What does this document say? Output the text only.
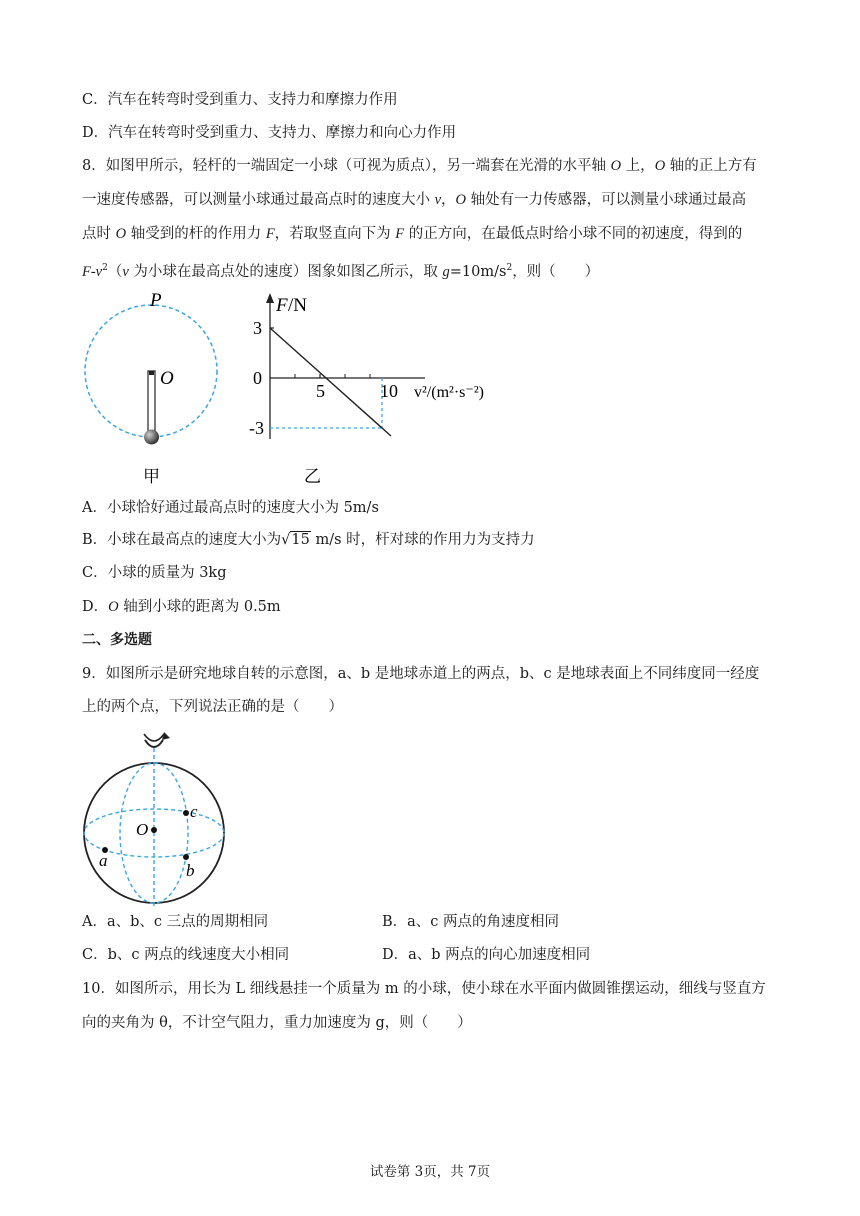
C．汽车在转弯时受到重力、支持力和摩擦力作用
D．汽车在转弯时受到重力、支持力、摩擦力和向心力作用
8．如图甲所示，轻杆的一端固定一小球（可视为质点），另一端套在光滑的水平轴 O 上，O 轴的正上方有
一速度传感器，可以测量小球通过最高点时的速度大小 v，O 轴处有一力传感器，可以测量小球通过最高
点时 O 轴受到的杆的作用力 F，若取竖直向下为 F 的正方向，在最低点时给小球不同的初速度，得到的
$F-v^2(v$ 为小球在最高点处的速度）图象如图乙所示，取 $g=10m/s^2$，则（　　）
P
O
甲
F /N
3
0
-3
5	10 v²/(m²·s⁻²)
乙
A．小球恰好通过最高点时的速度大小为 5m/s
B．小球在最高点的速度大小为√15 m/s 时，杆对球的作用力为支持力
C．小球的质量为 3kg
D．O 轴到小球的距离为 0.5m
二、多选题
9．如图所示是研究地球自转的示意图，a、b 是地球赤道上的两点，b、c 是地球表面上不同纬度同一经度
上的两个点，下列说法正确的是（　　）
O
c
b
a
A．a、b、c 三点的周期相同	B．a、c 两点的角速度相同
C．b、c 两点的线速度大小相同	D．a、b 两点的向心加速度相同
10．如图所示，用长为 L 细线悬挂一个质量为 m 的小球，使小球在水平面内做圆锥摆运动，细线与竖直方
向的夹角为 θ，不计空气阻力，重力加速度为 g，则（　　）
试卷第 3页，共 7页
